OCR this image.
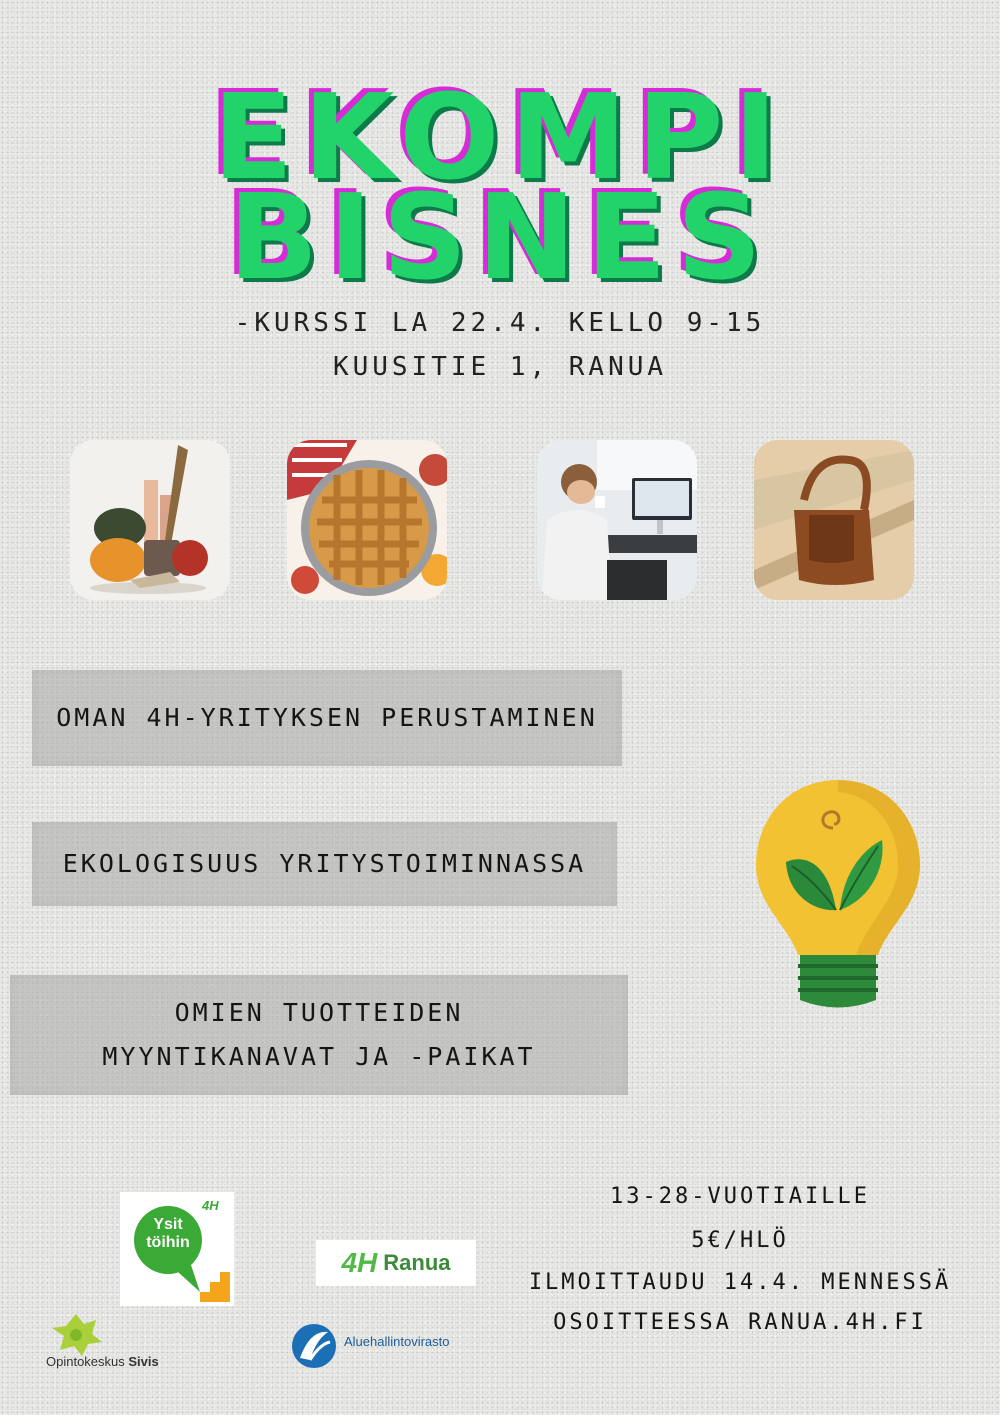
EKOMPI
BISNES
-KURSSI LA 22.4. KELLO 9-15
KUUSITIE 1, RANUA
OMAN 4H-YRITYKSEN PERUSTAMINEN
EKOLOGISUUS YRITYSTOIMINNASSA
OMIEN TUOTTEIDEN
MYYNTIKANAVAT JA -PAIKAT
Ysit
töihin
4H
4H Ranua
Opintokeskus Sivis
Aluehallintovirasto
13-28-VUOTIAILLE
5€/HLÖ
ILMOITTAUDU 14.4. MENNESSÄ
OSOITTEESSA RANUA.4H.FI
